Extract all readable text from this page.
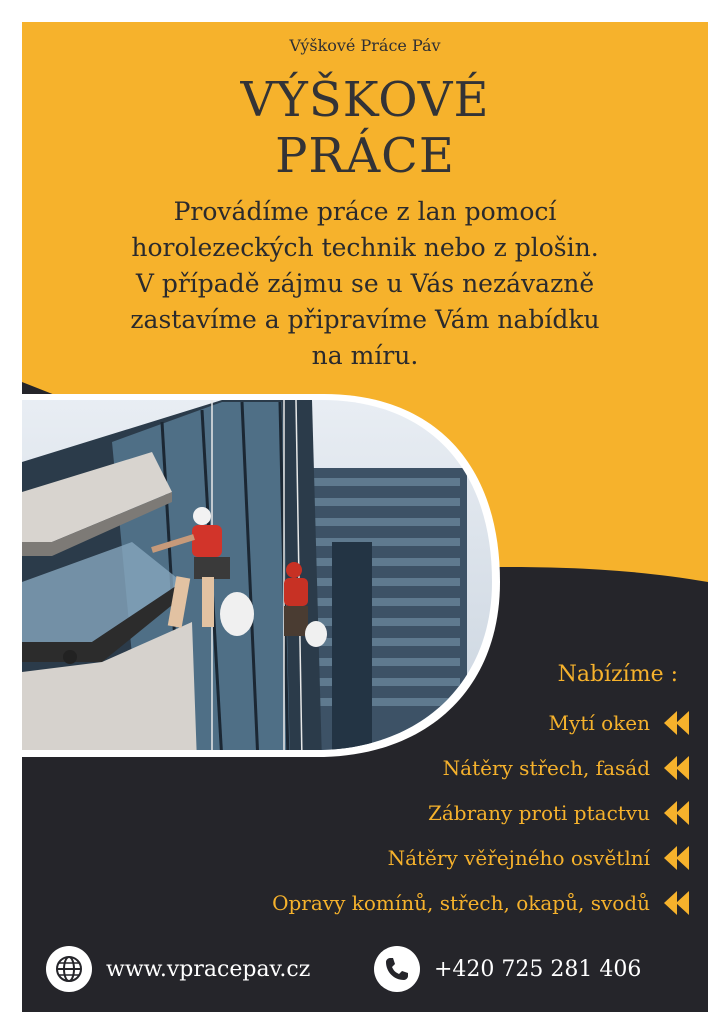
Výškové Práce Páv
VÝŠKOVÉ
PRÁCE
Provádíme práce z lan pomocí
horolezeckých technik nebo z plošin.
V případě zájmu se u Vás nezávazně
zastavíme a připravíme Vám nabídku
na míru.
Nabízíme :
Mytí oken
Nátěry střech, fasád
Zábrany proti ptactvu
Nátěry věřejného osvětlní
Opravy komínů, střech, okapů, svodů
www.vpracepav.cz	+420 725 281 406
